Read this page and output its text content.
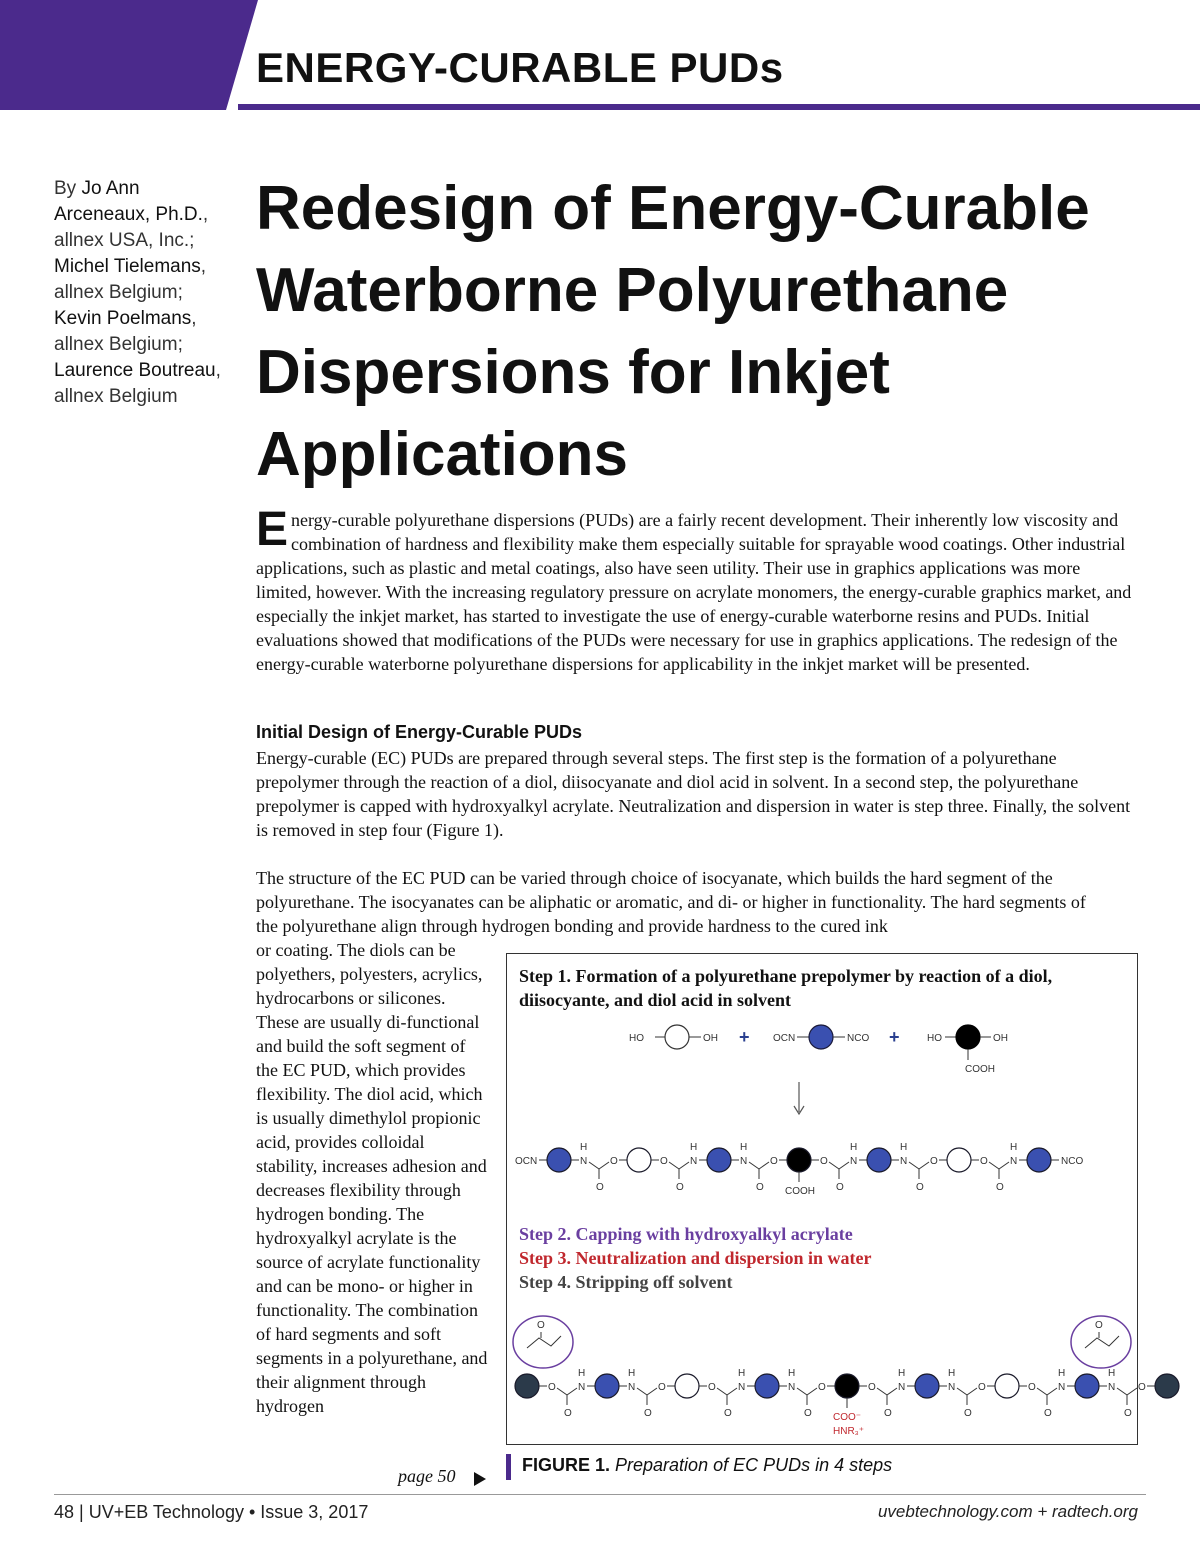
ENERGY-CURABLE PUDs

By Jo Ann Arceneaux, Ph.D., allnex USA, Inc.; Michel Tielemans, allnex Belgium; Kevin Poelmans, allnex Belgium; Laurence Boutreau, allnex Belgium

Redesign of Energy-Curable Waterborne Polyurethane Dispersions for Inkjet Applications

Energy-curable polyurethane dispersions (PUDs) are a fairly recent development. Their inherently low viscosity and combination of hardness and flexibility make them especially suitable for sprayable wood coatings. Other industrial applications, such as plastic and metal coatings, also have seen utility. Their use in graphics applications was more limited, however. With the increasing regulatory pressure on acrylate monomers, the energy-curable graphics market, and especially the inkjet market, has started to investigate the use of energy-curable waterborne resins and PUDs. Initial evaluations showed that modifications of the PUDs were necessary for use in graphics applications. The redesign of the energy-curable waterborne polyurethane dispersions for applicability in the inkjet market will be presented.

Initial Design of Energy-Curable PUDs

Energy-curable (EC) PUDs are prepared through several steps. The first step is the formation of a polyurethane prepolymer through the reaction of a diol, diisocyanate and diol acid in solvent. In a second step, the polyurethane prepolymer is capped with hydroxyalkyl acrylate. Neutralization and dispersion in water is step three. Finally, the solvent is removed in step four (Figure 1).

The structure of the EC PUD can be varied through choice of isocyanate, which builds the hard segment of the polyurethane. The isocyanates can be aliphatic or aromatic, and di- or higher in functionality. The hard segments of the polyurethane align through hydrogen bonding and provide hardness to the cured ink

or coating. The diols can be polyethers, polyesters, acrylics, hydrocarbons or silicones. These are usually di-functional and build the soft segment of the EC PUD, which provides flexibility. The diol acid, which is usually dimethylol propionic acid, provides colloidal stability, increases adhesion and decreases flexibility through hydrogen bonding. The hydroxyalkyl acrylate is the source of acrylate functionality and can be mono- or higher in functionality. The combination of hard segments and soft segments in a polyurethane, and their alignment through hydrogen

page 50

Step 1. Formation of a polyurethane prepolymer by reaction of a diol, diisocyante, and diol acid in solvent

Step 2. Capping with hydroxyalkyl acrylate

Step 3. Neutralization and dispersion in water

Step 4. Stripping off solvent

HO	OH + OCN	NCO +	HO	OH
COOH
OCN	N
H
O
O	O
O
N
H
N
H
O
O
COOH
O
O
N
H
N
H
O
O	O
O
N
H
NCO
O
O
N
H
N
H
O
O	O
O
N
H
N
H
O
O
COO⁻
HNR₃⁺
O
O
N
H
N
H
O
O	O
O
N
H
N
H
O
O
O	O

FIGURE 1. Preparation of EC PUDs in 4 steps

48 | UV+EB Technology • Issue 3, 2017	uvebtechnology.com + radtech.org
